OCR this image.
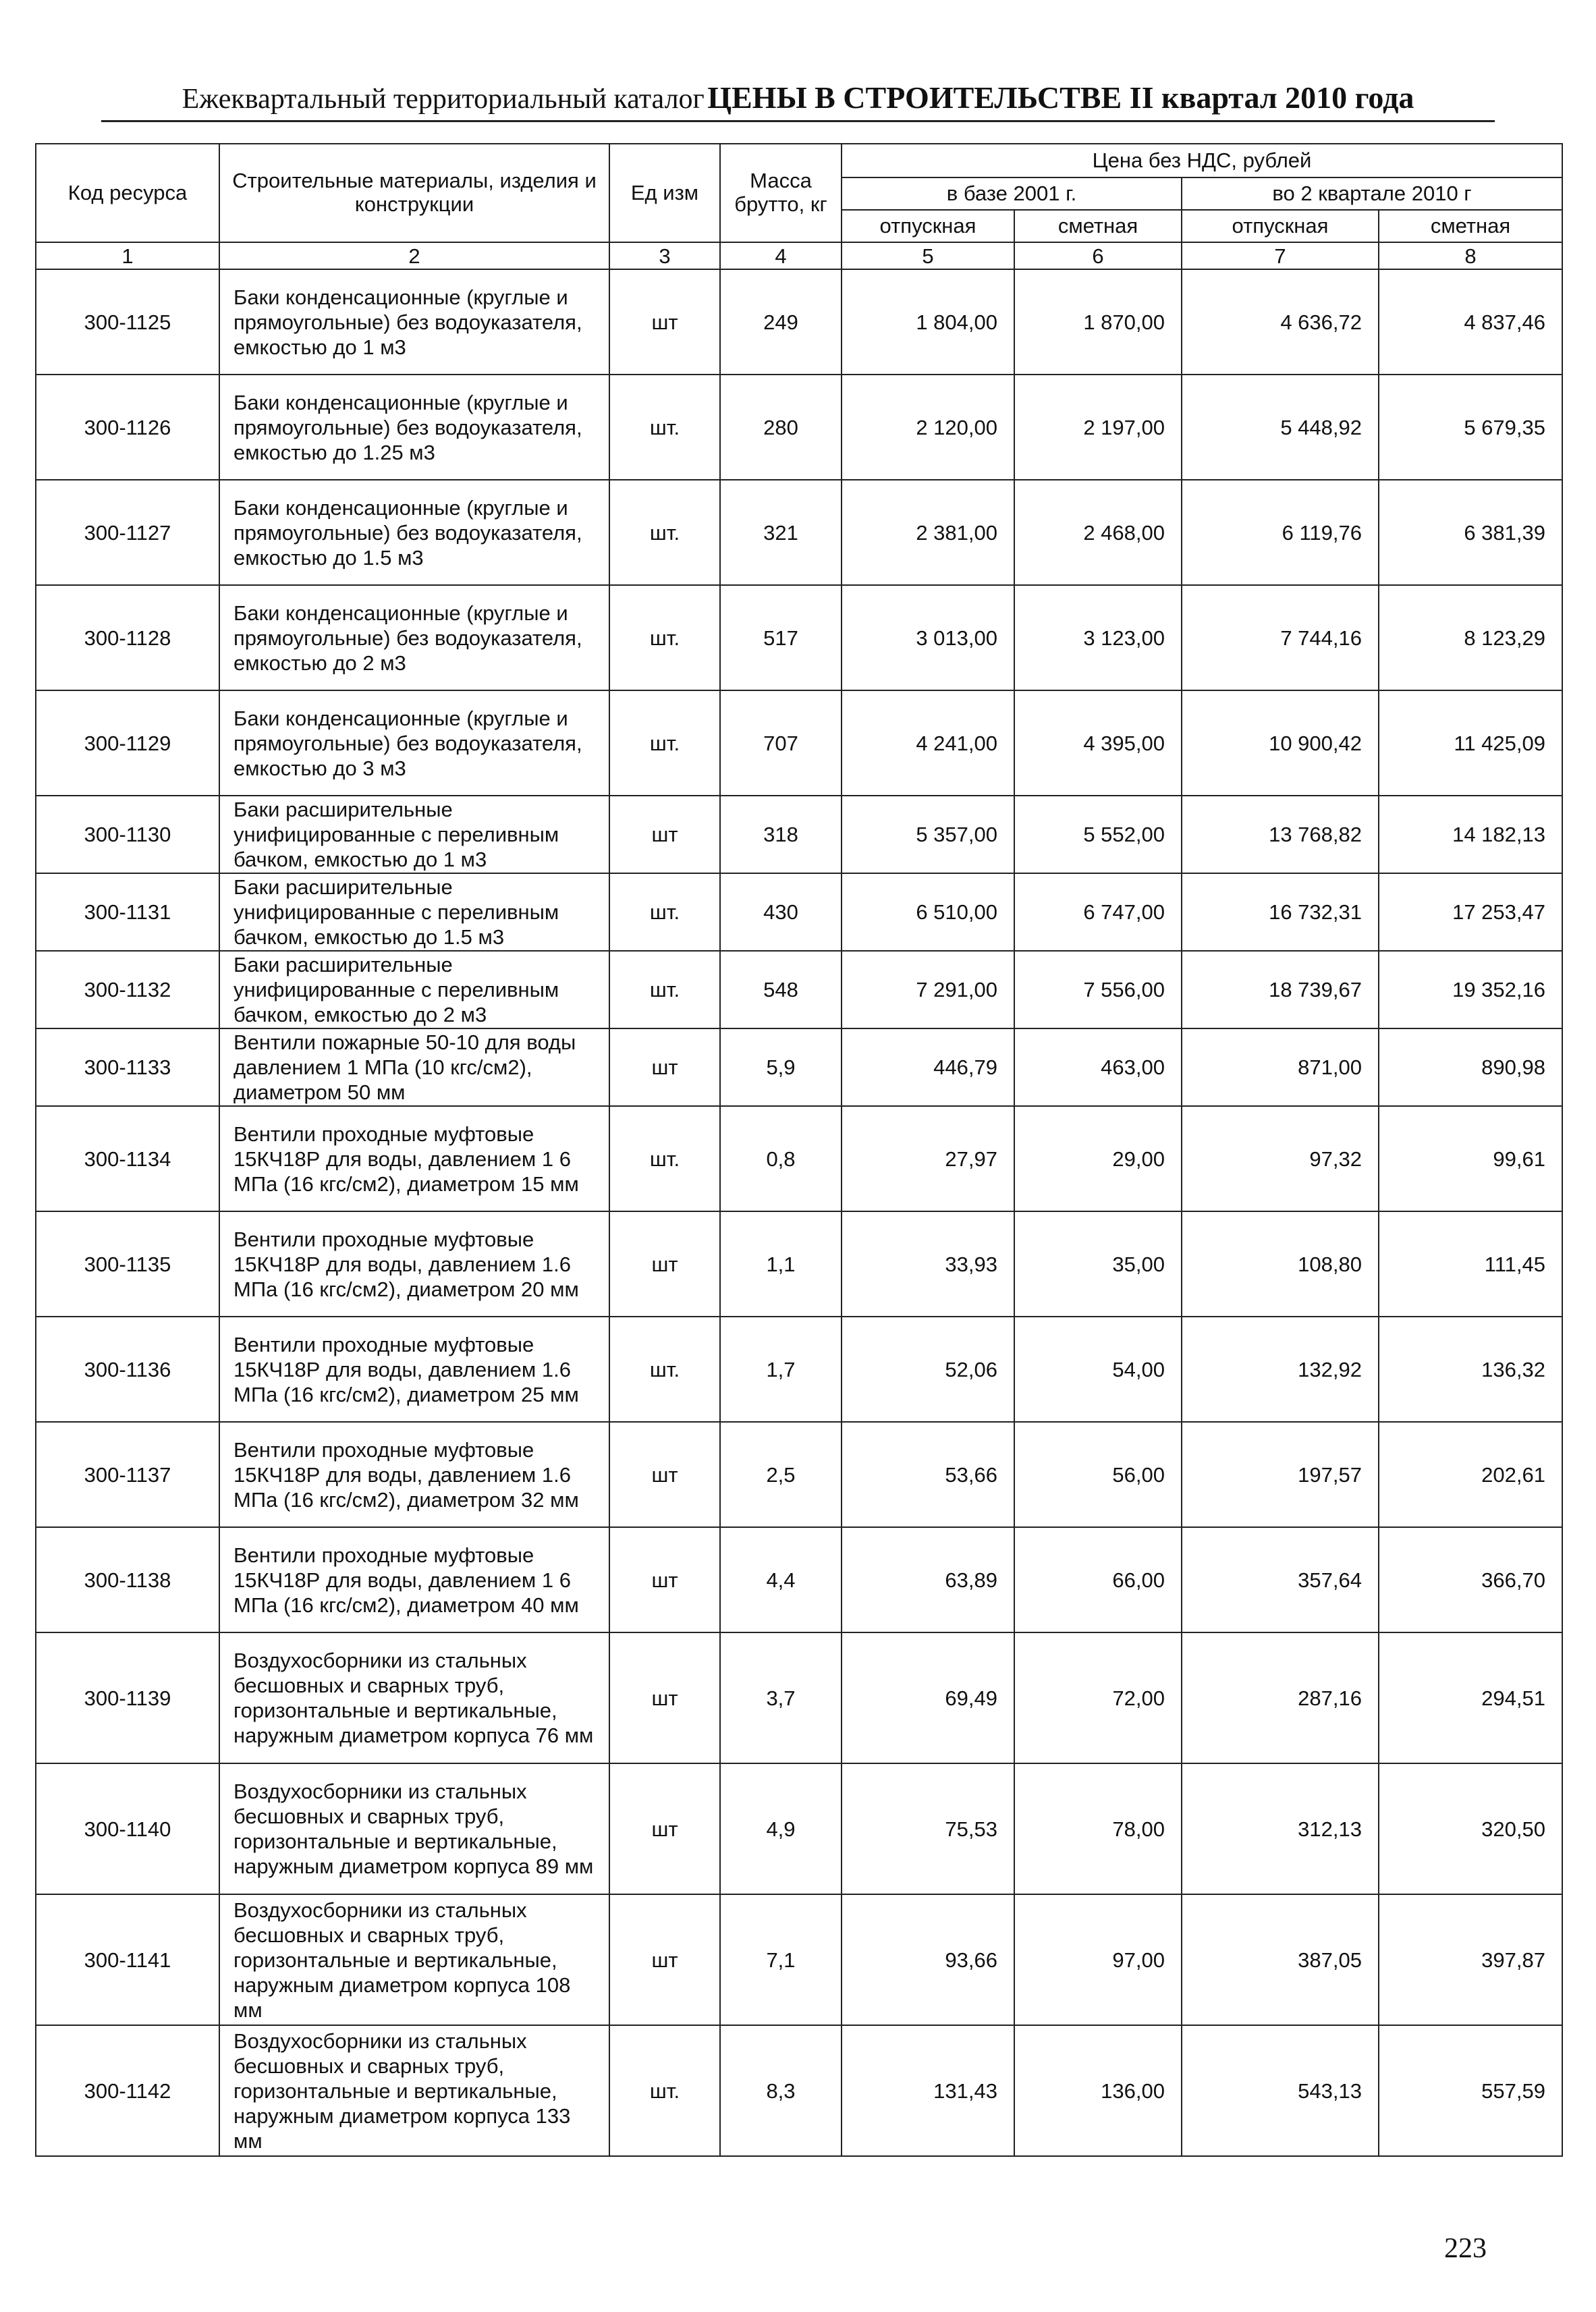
Ежеквартальный территориальный каталог ЦЕНЫ В СТРОИТЕЛЬСТВЕ II квартал 2010 года
Код ресурса	Строительные материалы, изделия и конструкции	Ед изм	Масса брутто, кг	Цена без НДС, рублей			
				в базе 2001 г.		во 2 квартале 2010 г	
				отпускная	сметная	отпускная	сметная
1	2	3	4	5	6	7	8
300-1125	Баки конденсационные (круглые и прямоугольные) без водоуказателя, емкостью до 1 м3	шт	249	1 804,00	1 870,00	4 636,72	4 837,46
300-1126	Баки конденсационные (круглые и прямоугольные) без водоуказателя, емкостью до 1.25 м3	шт.	280	2 120,00	2 197,00	5 448,92	5 679,35
300-1127	Баки конденсационные (круглые и прямоугольные) без водоуказателя, емкостью до 1.5 м3	шт.	321	2 381,00	2 468,00	6 119,76	6 381,39
300-1128	Баки конденсационные (круглые и прямоугольные) без водоуказателя, емкостью до 2 м3	шт.	517	3 013,00	3 123,00	7 744,16	8 123,29
300-1129	Баки конденсационные (круглые и прямоугольные) без водоуказателя, емкостью до 3 м3	шт.	707	4 241,00	4 395,00	10 900,42	11 425,09
300-1130	Баки расширительные унифицированные с переливным бачком, емкостью до 1 м3	шт	318	5 357,00	5 552,00	13 768,82	14 182,13
300-1131	Баки расширительные унифицированные с переливным бачком, емкостью до 1.5 м3	шт.	430	6 510,00	6 747,00	16 732,31	17 253,47
300-1132	Баки расширительные унифицированные с переливным бачком, емкостью до 2 м3	шт.	548	7 291,00	7 556,00	18 739,67	19 352,16
300-1133	Вентили пожарные 50-10 для воды давлением 1 МПа (10 кгс/см2), диаметром 50 мм	шт	5,9	446,79	463,00	871,00	890,98
300-1134	Вентили проходные муфтовые 15КЧ18Р для воды, давлением 1 6 МПа (16 кгс/см2), диаметром 15 мм	шт.	0,8	27,97	29,00	97,32	99,61
300-1135	Вентили проходные муфтовые 15КЧ18Р для воды, давлением 1.6 МПа (16 кгс/см2), диаметром 20 мм	шт	1,1	33,93	35,00	108,80	111,45
300-1136	Вентили проходные муфтовые 15КЧ18Р для воды, давлением 1.6 МПа (16 кгс/см2), диаметром 25 мм	шт.	1,7	52,06	54,00	132,92	136,32
300-1137	Вентили проходные муфтовые 15КЧ18Р для воды, давлением 1.6 МПа (16 кгс/см2), диаметром 32 мм	шт	2,5	53,66	56,00	197,57	202,61
300-1138	Вентили проходные муфтовые 15КЧ18Р для воды, давлением 1 6 МПа (16 кгс/см2), диаметром 40 мм	шт	4,4	63,89	66,00	357,64	366,70
300-1139	Воздухосборники из стальных бесшовных и сварных труб, горизонтальные и вертикальные, наружным диаметром корпуса 76 мм	шт	3,7	69,49	72,00	287,16	294,51
300-1140	Воздухосборники из стальных бесшовных и сварных труб, горизонтальные и вертикальные, наружным диаметром корпуса 89 мм	шт	4,9	75,53	78,00	312,13	320,50
300-1141	Воздухосборники из стальных бесшовных и сварных труб, горизонтальные и вертикальные, наружным диаметром корпуса 108 мм	шт	7,1	93,66	97,00	387,05	397,87
300-1142	Воздухосборники из стальных бесшовных и сварных труб, горизонтальные и вертикальные, наружным диаметром корпуса 133 мм	шт.	8,3	131,43	136,00	543,13	557,59
223
